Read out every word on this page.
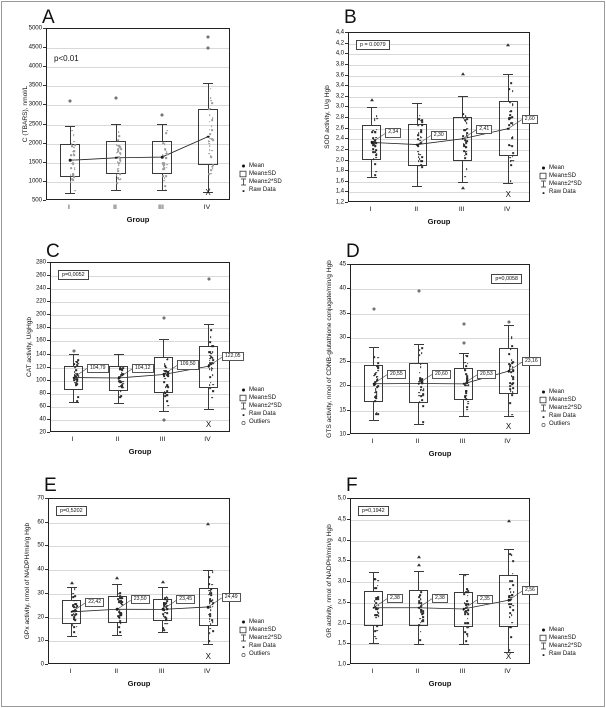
A
X
500
1000
1500
2000
2500
3000
3500
4000
4500
5000
C (TBARS), nmol/L
I	II	III	IV
Group
p<0.01
Mean
Mean±SD
Mean±2*SD
Raw Data
B
2,34	2,30
2,41
2,60
X
1,2
1,4
1,6
1,8
2,0
2,2
2,4
2,6
2,8
3,0
3,2
3,4
3,6
3,8
4,0
4,2
4,4
SOD activity, U/g Hgb
I	II	III	IV
Group
p = 0.0079
Mean
Mean±SD
Mean±2*SD
Raw Data
C
104,79	104,12
109,50
122,05
X
20
40
60
80
100
120
140
160
180
200
220
240
260
280
CAT activity, U/gHgb
I	II	III	IV
Group
p=0,0052
Mean
Mean±SD
Mean±2*SD
Raw Data
Outliers
D
20,55	20,60	20,53
23,16
X
10
15
20
25
30
35
40
45
GTS activity, nmol of CDNB-glutathione conjugate/min/g Hgb
I	II	III	IV
Group
p=0,0058
Mean
Mean±SD
Mean±2*SD
Raw Data
Outliers
E
22,42	23,50	23,45	24,49
X
0
10
20
30
40
50
60
70
GPx activity, nmol of NADPH/min/g Hgb
I	II	III	IV
Group
p=0,5202
Mean
Mean±SD
Mean±2*SD
Raw Data
Outliers
F
2,38	2,38	2,35
2,56
X
1,0
1,5
2,0
2,5
3,0
3,5
4,0
4,5
5,0
GR activity, nmol of NADPH/min/g Hgb
I	II	III	IV
Group
p=0,1942
Mean
Mean±SD
Mean±2*SD
Raw Data
